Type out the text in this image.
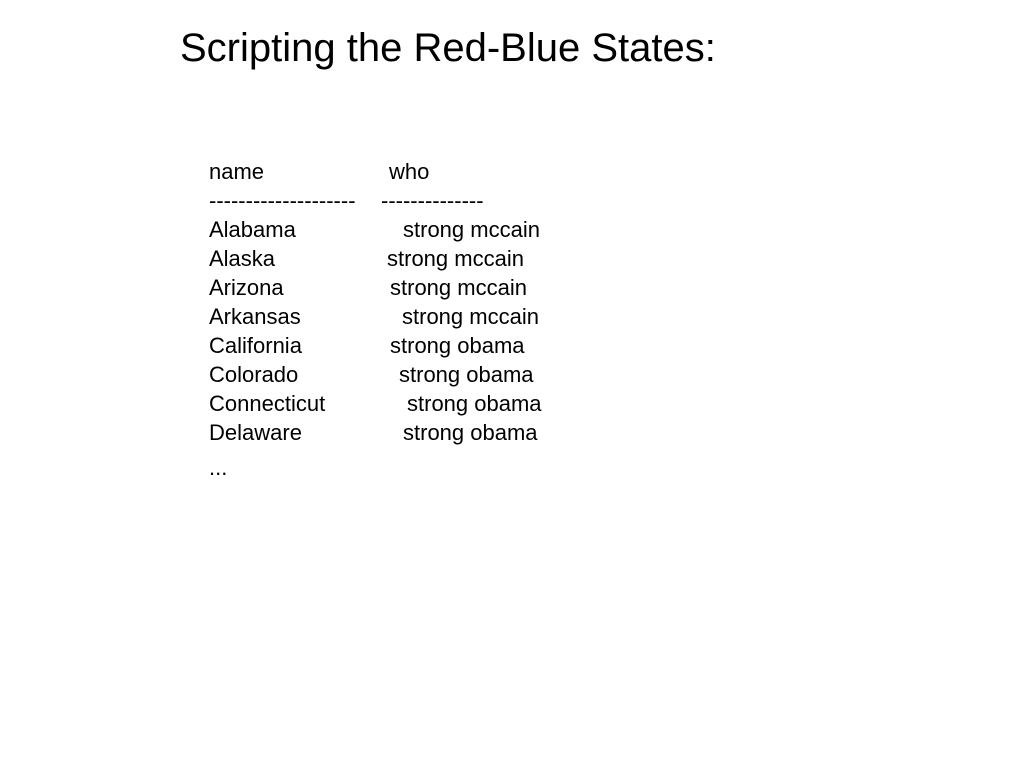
Scripting the Red-Blue States:
name	who
-------------------- --------------
Alabama	strong mccain
Alaska	strong mccain
Arizona	strong mccain
Arkansas	strong mccain
California	strong obama
Colorado	strong obama
Connecticut	strong obama
Delaware	strong obama
...
